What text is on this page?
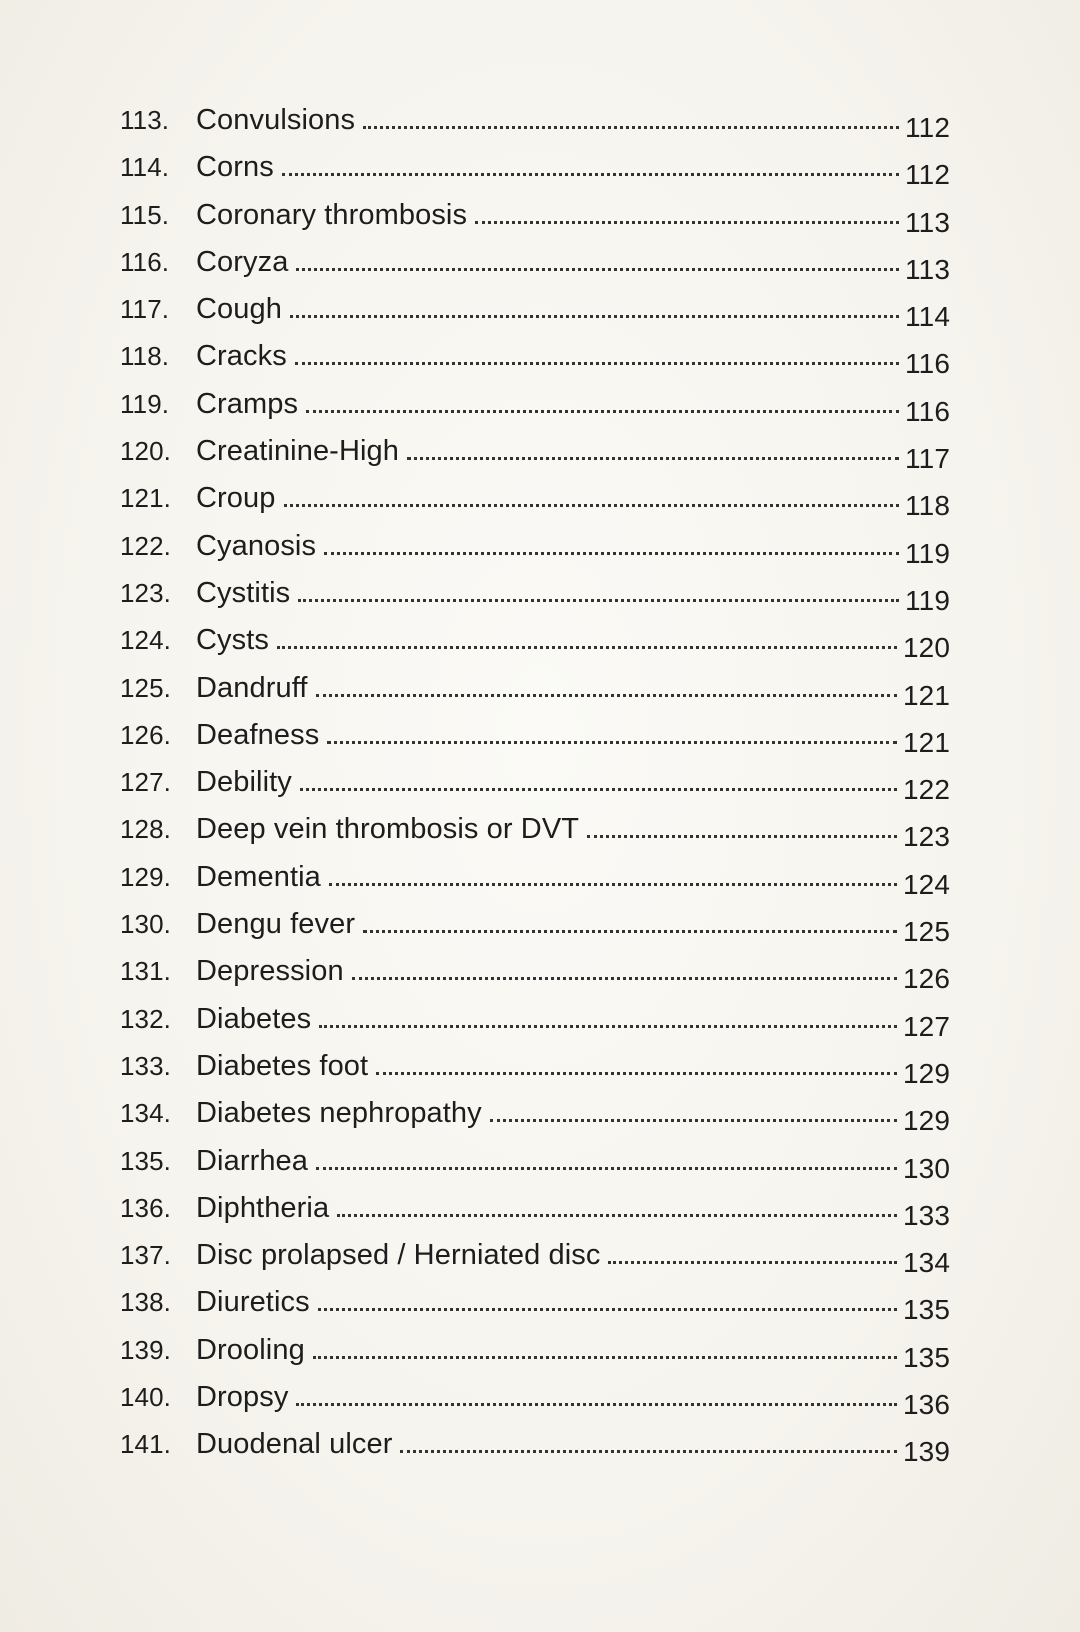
113. Convulsions	112
114. Corns	112
115. Coronary thrombosis	113
116. Coryza	113
117. Cough	114
118. Cracks	116
119. Cramps	116
120. Creatinine-High	117
121. Croup	118
122. Cyanosis	119
123. Cystitis	119
124. Cysts	120
125. Dandruff	121
126. Deafness	121
127. Debility	122
128. Deep vein thrombosis or DVT	123
129. Dementia	124
130. Dengu fever	125
131. Depression	126
132. Diabetes	127
133. Diabetes foot	129
134. Diabetes nephropathy	129
135. Diarrhea	130
136. Diphtheria	133
137. Disc prolapsed / Herniated disc	134
138. Diuretics	135
139. Drooling	135
140. Dropsy	136
141. Duodenal ulcer	139
